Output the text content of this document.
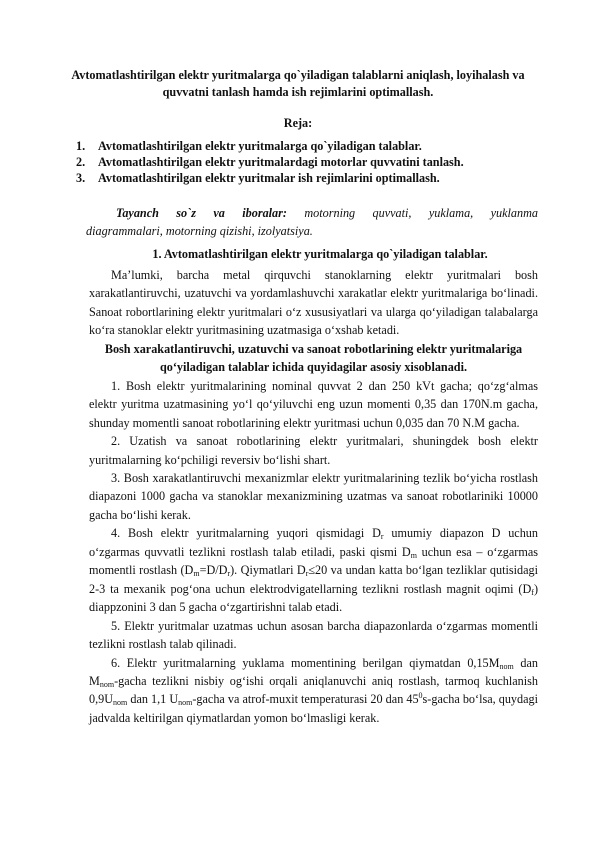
Avtomatlashtirilgan elektr yuritmalarga qo`yiladigan talablarni aniqlash, loyihalash va quvvatni tanlash hamda ish rejimlarini optimallash.
Reja:
1. Avtomatlashtirilgan elektr yuritmalarga qo`yiladigan talablar.
2. Avtomatlashtirilgan elektr yuritmalardagi motorlar quvvatini tanlash.
3. Avtomatlashtirilgan elektr yuritmalar ish rejimlarini optimallash.
Tayanch so`z va iboralar: motorning quvvati, yuklama, yuklanma
diagrammalari, motorning qizishi, izolyatsiya.
1. Avtomatlashtirilgan elektr yuritmalarga qo`yiladigan talablar.

Ma’lumki, barcha metal qirquvchi stanoklarning elektr yuritmalari bosh xarakatlantiruvchi, uzatuvchi va yordamlashuvchi xarakatlar elektr yuritmalariga bo‘linadi. Sanoat robortlarining elektr yuritmalari o‘z xususiyatlari va ularga qo‘yiladigan talabalarga ko‘ra stanoklar elektr yuritmasining uzatmasiga o‘xshab ketadi.

Bosh xarakatlantiruvchi, uzatuvchi va sanoat robotlarining elektr yuritmalariga qo‘yiladigan talablar ichida quyidagilar asosiy xisoblanadi.

1. Bosh elektr yuritmalarining nominal quvvat 2 dan 250 kVt gacha; qo‘zg‘almas elektr yuritma uzatmasining yo‘l qo‘yiluvchi eng uzun momenti 0,35 dan 170N.m gacha, shunday momentli sanoat robotlarining elektr yuritmasi uchun 0,035 dan 70 N.M gacha.

2. Uzatish va sanoat robotlarining elektr yuritmalari, shuningdek bosh elektr yuritmalarning ko‘pchiligi reversiv bo‘lishi shart.

3. Bosh xarakatlantiruvchi mexanizmlar elektr yuritmalarining tezlik bo‘yicha rostlash diapazoni 1000 gacha va stanoklar mexanizmining uzatmas va sanoat robotlariniki 10000 gacha bo‘lishi kerak.

4. Bosh elektr yuritmalarning yuqori qismidagi $D_r$ umumiy diapazon D uchun o‘zgarmas quvvatli tezlikni rostlash talab etiladi, paski qismi $D_m$ uchun esa – o‘zgarmas momentli rostlash $(D_m=D/D_r)$. Qiymatlari $D_r\le 20$ va undan katta bo‘lgan tezliklar qutisidagi 2-3 ta mexanik pog‘ona uchun elektrodvigatellarning tezlikni rostlash magnit oqimi $(D_f)$ diappzonini 3 dan 5 gacha o‘zgartirishni talab etadi.

5. Elektr yuritmalar uzatmas uchun asosan barcha diapazonlarda o‘zgarmas momentli tezlikni rostlash talab qilinadi.

6. Elektr yuritmalarning yuklama momentining berilgan qiymatdan $0,15M_{nom}$ dan $M_{nom}$-gacha tezlikni nisbiy og‘ishi orqali aniqlanuvchi aniq rostlash, tarmoq kuchlanish $0,9U_{nom}$ dan 1,1 $U_{nom}$-gacha va atrof-muxit temperaturasi 20 dan $45^0s$-gacha bo‘lsa, quydagi jadvalda keltirilgan qiymatlardan yomon bo‘lmasligi kerak.
